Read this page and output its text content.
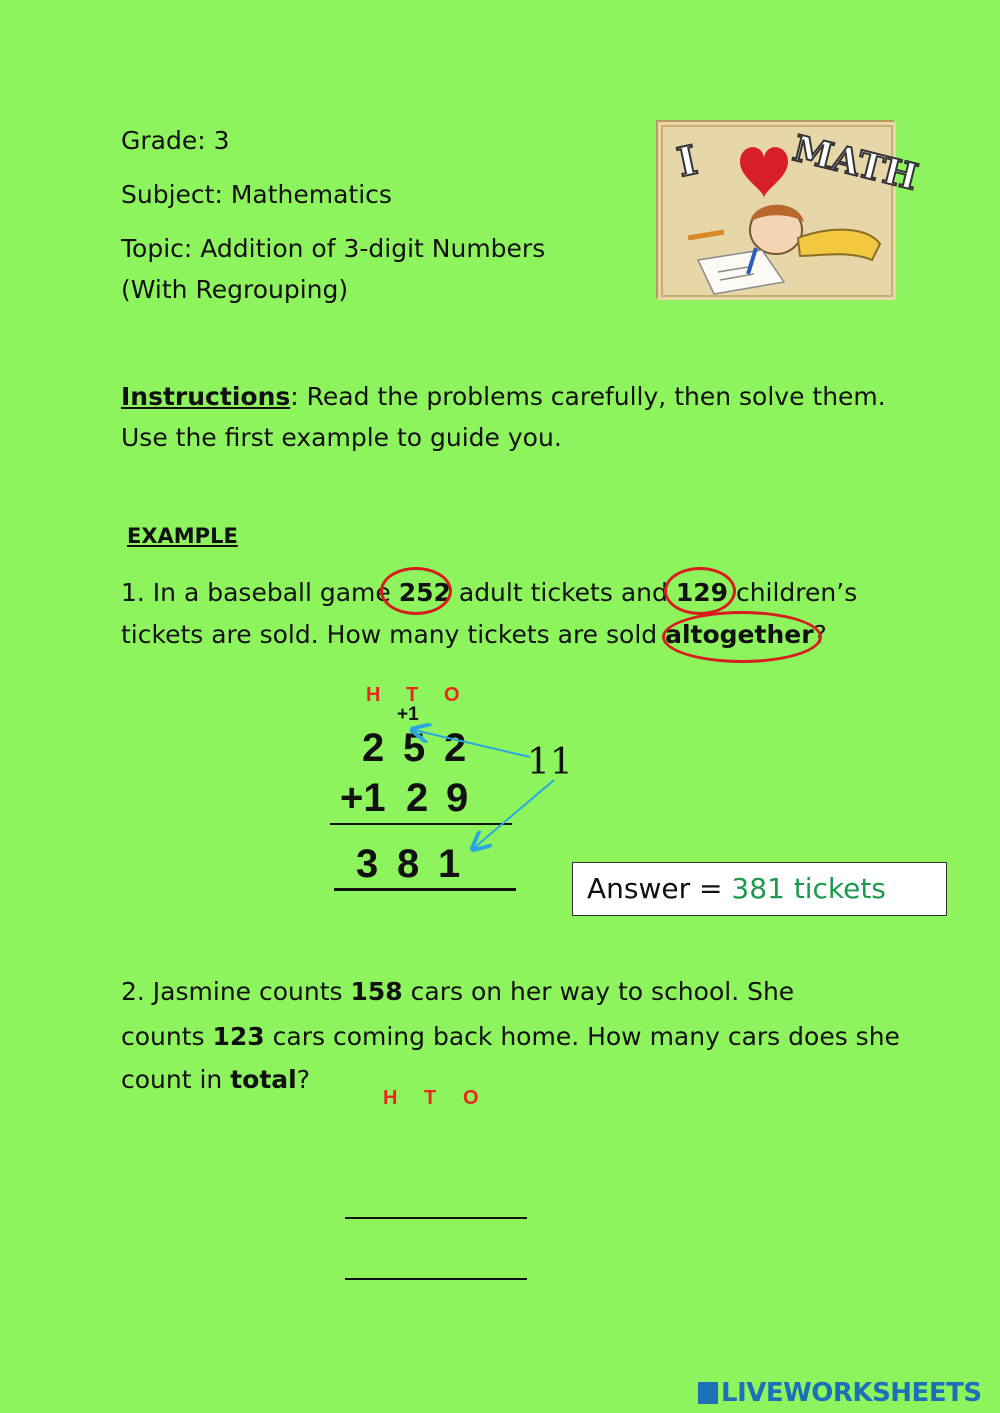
Grade: 3
Subject: Mathematics
Topic: Addition of 3-digit Numbers
(With Regrouping)
I MATH
Instructions: Read the problems carefully, then solve them.
Use the first example to guide you.
EXAMPLE
1. In a baseball game 252 adult tickets and 129 children’s
tickets are sold. How many tickets are sold altogether?
H T O
+1
2 5 2
+1 2 9
3 8 1
11
Answer = 381 tickets
2. Jasmine counts 158 cars on her way to school. She
counts 123 cars coming back home. How many cars does she
count in total?
H T O
LIVEWORKSHEETS
